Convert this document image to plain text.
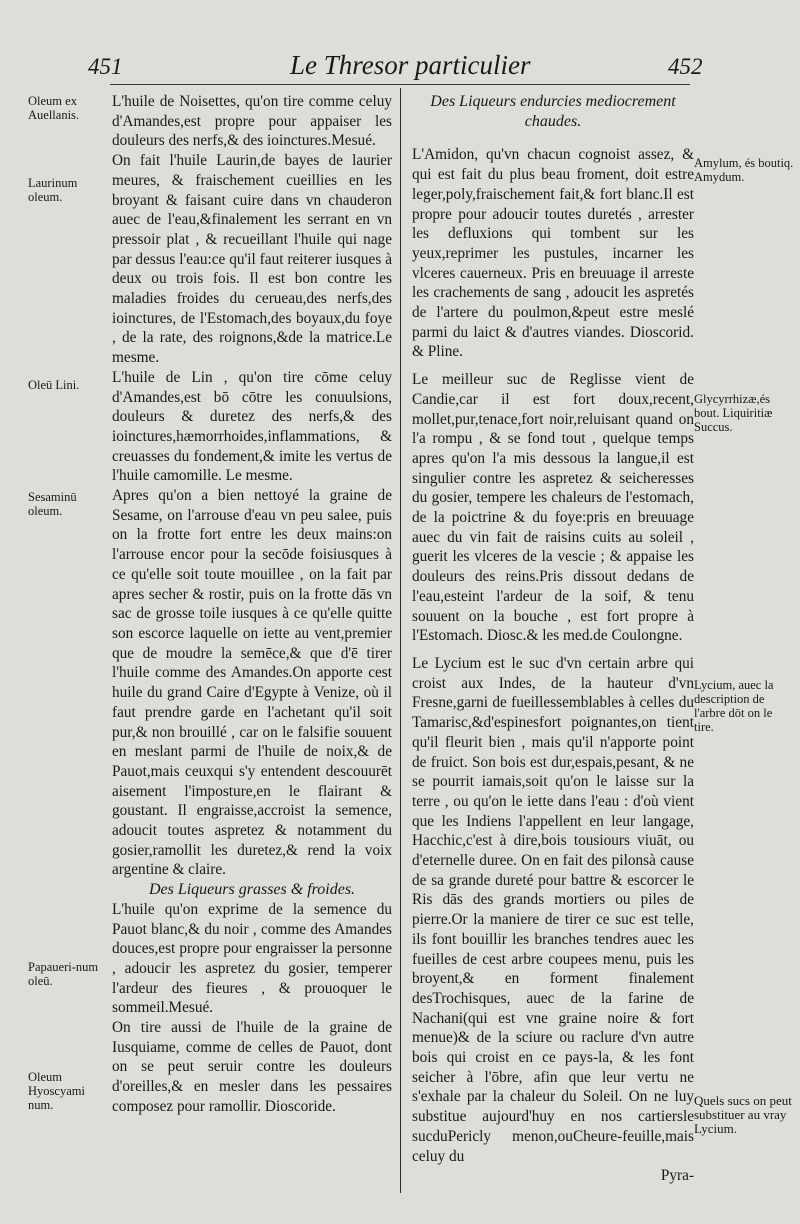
451	Le Thresor particulier	452

L'huile de Noisettes, qu'on tire comme celuy d'Amandes,est propre pour appaiser les douleurs des nerfs,& des ioinctures.Mesué.

On fait l'huile Laurin,de bayes de laurier meures, & fraischement cueillies en les broyant & faisant cuire dans vn chauderon auec de l'eau,&finalement les serrant en vn pressoir plat , & recueillant l'huile qui nage par dessus l'eau:ce qu'il faut reiterer iusques à deux ou trois fois. Il est bon contre les maladies froides du cerueau,des nerfs,des ioinctures, de l'Estomach,des boyaux,du foye , de la rate, des roignons,&de la matrice.Le mesme.

L'huile de Lin , qu'on tire cōme celuy d'Amandes,est bō cōtre les conuulsions, douleurs & duretez des nerfs,& des ioinctures,hæmorrhoides,inflammations, & creuasses du fondement,& imite les vertus de l'huile camomille. Le mesme.

Apres qu'on a bien nettoyé la graine de Sesame, on l'arrouse d'eau vn peu salee, puis on la frotte fort entre les deux mains:on l'arrouse encor pour la secōde foisiusques à ce qu'elle soit toute mouillee , on la fait par apres secher & rostir, puis on la frotte dās vn sac de grosse toile iusques à ce qu'elle quitte son escorce laquelle on iette au vent,premier que de moudre la semēce,& que d'ē tirer l'huile comme des Amandes.On apporte cest huile du grand Caire d'Egypte à Venize, où il faut prendre garde en l'achetant qu'il soit pur,& non brouillé , car on le falsifie souuent en meslant parmi de l'huile de noix,& de Pauot,mais ceuxqui s'y entendent descouurēt aisement l'imposture,en le flairant & goustant. Il engraisse,accroist la semence, adoucit toutes aspretez & notamment du gosier,ramollit les duretez,& rend la voix argentine & claire.

Des Liqueurs grasses & froides.

L'huile qu'on exprime de la semence du Pauot blanc,& du noir , comme des Amandes douces,est propre pour engraisser la personne , adoucir les aspretez du gosier, temperer l'ardeur des fieures , & prouoquer le sommeil.Mesué.

On tire aussi de l'huile de la graine de Iusquiame, comme de celles de Pauot, dont on se peut seruir contre les douleurs d'oreilles,& en mesler dans les pessaires composez pour ramollir. Dioscoride.

Des Liqueurs endurcies mediocrement chaudes.

L'Amidon, qu'vn chacun cognoist assez, & qui est fait du plus beau froment, doit estre leger,poly,fraischement fait,& fort blanc.Il est propre pour adoucir toutes duretés , arrester les defluxions qui tombent sur les yeux,reprimer les pustules, incarner les vlceres cauerneux. Pris en breuuage il arreste les crachements de sang , adoucit les aspretés de l'artere du poulmon,&peut estre meslé parmi du laict & d'autres viandes. Dioscorid. & Pline.

Le meilleur suc de Reglisse vient de Candie,car il est fort doux,recent, mollet,pur,tenace,fort noir,reluisant quand on l'a rompu , & se fond tout , quelque temps apres qu'on l'a mis dessous la langue,il est singulier contre les aspretez & seicheresses du gosier, tempere les chaleurs de l'estomach, de la poictrine & du foye:pris en breuuage auec du vin fait de raisins cuits au soleil , guerit les vlceres de la vescie ; & appaise les douleurs des reins.Pris dissout dedans de l'eau,esteint l'ardeur de la soif, & tenu souuent on la bouche , est fort propre à l'Estomach. Diosc.& les med.de Coulongne.

Le Lycium est le suc d'vn certain arbre qui croist aux Indes, de la hauteur d'vn Fresne,garni de fueillessemblables à celles du Tamarisc,&d'espinesfort poignantes,on tient qu'il fleurit bien , mais qu'il n'apporte point de fruict. Son bois est dur,espais,pesant, & ne se pourrit iamais,soit qu'on le laisse sur la terre , ou qu'on le iette dans l'eau : d'où vient que les Indiens l'appellent en leur langage, Hacchic,c'est à dire,bois tousiours viuāt, ou d'eternelle duree. On en fait des pilonsà cause de sa grande dureté pour battre & escorcer le Ris dās des grands mortiers ou piles de pierre.Or la maniere de tirer ce suc est telle, ils font bouillir les branches tendres auec les fueilles de cest arbre coupees menu, puis les broyent,& en forment finalement desTrochisques, auec de la farine de Nachani(qui est vne graine noire & fort menue)& de la sciure ou raclure d'vn autre bois qui croist en ce pays-la, & les font seicher à l'ōbre, afin que leur vertu ne s'exhale par la chaleur du Soleil. On ne luy substitue aujourd'huy en nos cartiersle sucduPericly menon,ouCheure-feuille,mais celuy du

Pyra-

Oleum ex Auellanis.
Laurinum oleum.
Oleū Lini.
Sesaminū oleum.
Papaueri-num oleū.
Oleum Hyoscyami num.
Amylum, és boutiq. Amydum.
Glycyrrhizæ,és bout. Liquiritiæ Succus.
Lycium, auec la description de l'arbre dōt on le tire.
Quels sucs on peut substituer au vray Lycium.
